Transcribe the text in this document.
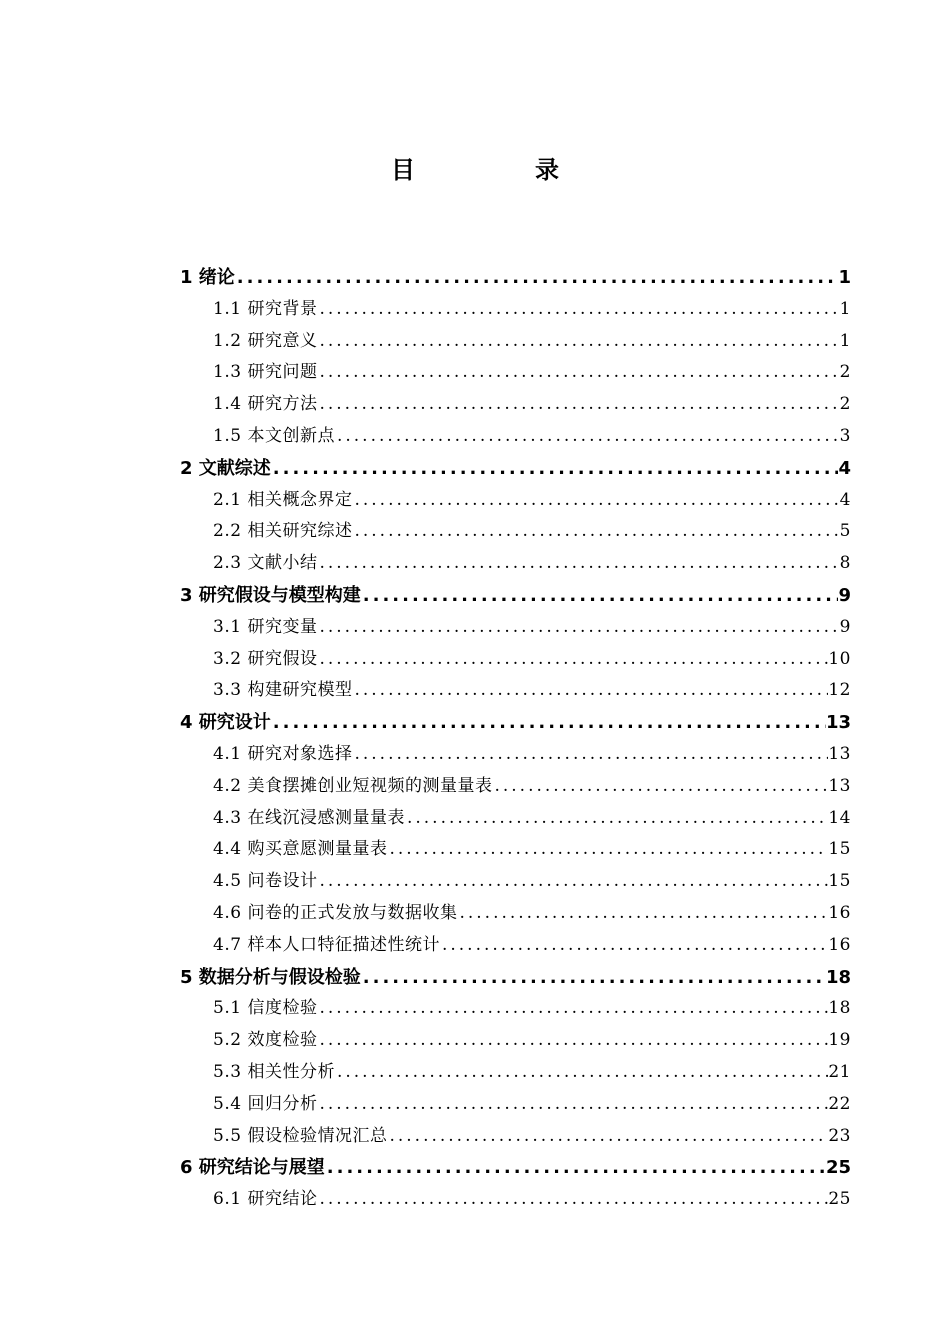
目　录
1 绪论 .....	1
1.1 研究背景 .....	1
1.2 研究意义 .....	1
1.3 研究问题 .....	2
1.4 研究方法 .....	2
1.5 本文创新点 .....	3
2 文献综述 .....	4
2.1 相关概念界定 .....	4
2.2 相关研究综述 .....	5
2.3 文献小结 .....	8
3 研究假设与模型构建 .....	9
3.1 研究变量 .....	9
3.2 研究假设 .....	10
3.3 构建研究模型 .....	12
4 研究设计 .....	13
4.1 研究对象选择 .....	13
4.2 美食摆摊创业短视频的测量量表 .....	13
4.3 在线沉浸感测量量表 .....	14
4.4 购买意愿测量量表 .....	15
4.5 问卷设计 .....	15
4.6 问卷的正式发放与数据收集 .....	16
4.7 样本人口特征描述性统计 .....	16
5 数据分析与假设检验 .....	18
5.1 信度检验 .....	18
5.2 效度检验 .....	19
5.3 相关性分析 .....	21
5.4 回归分析 .....	22
5.5 假设检验情况汇总 .....	23
6 研究结论与展望 .....	25
6.1 研究结论 .....	25
